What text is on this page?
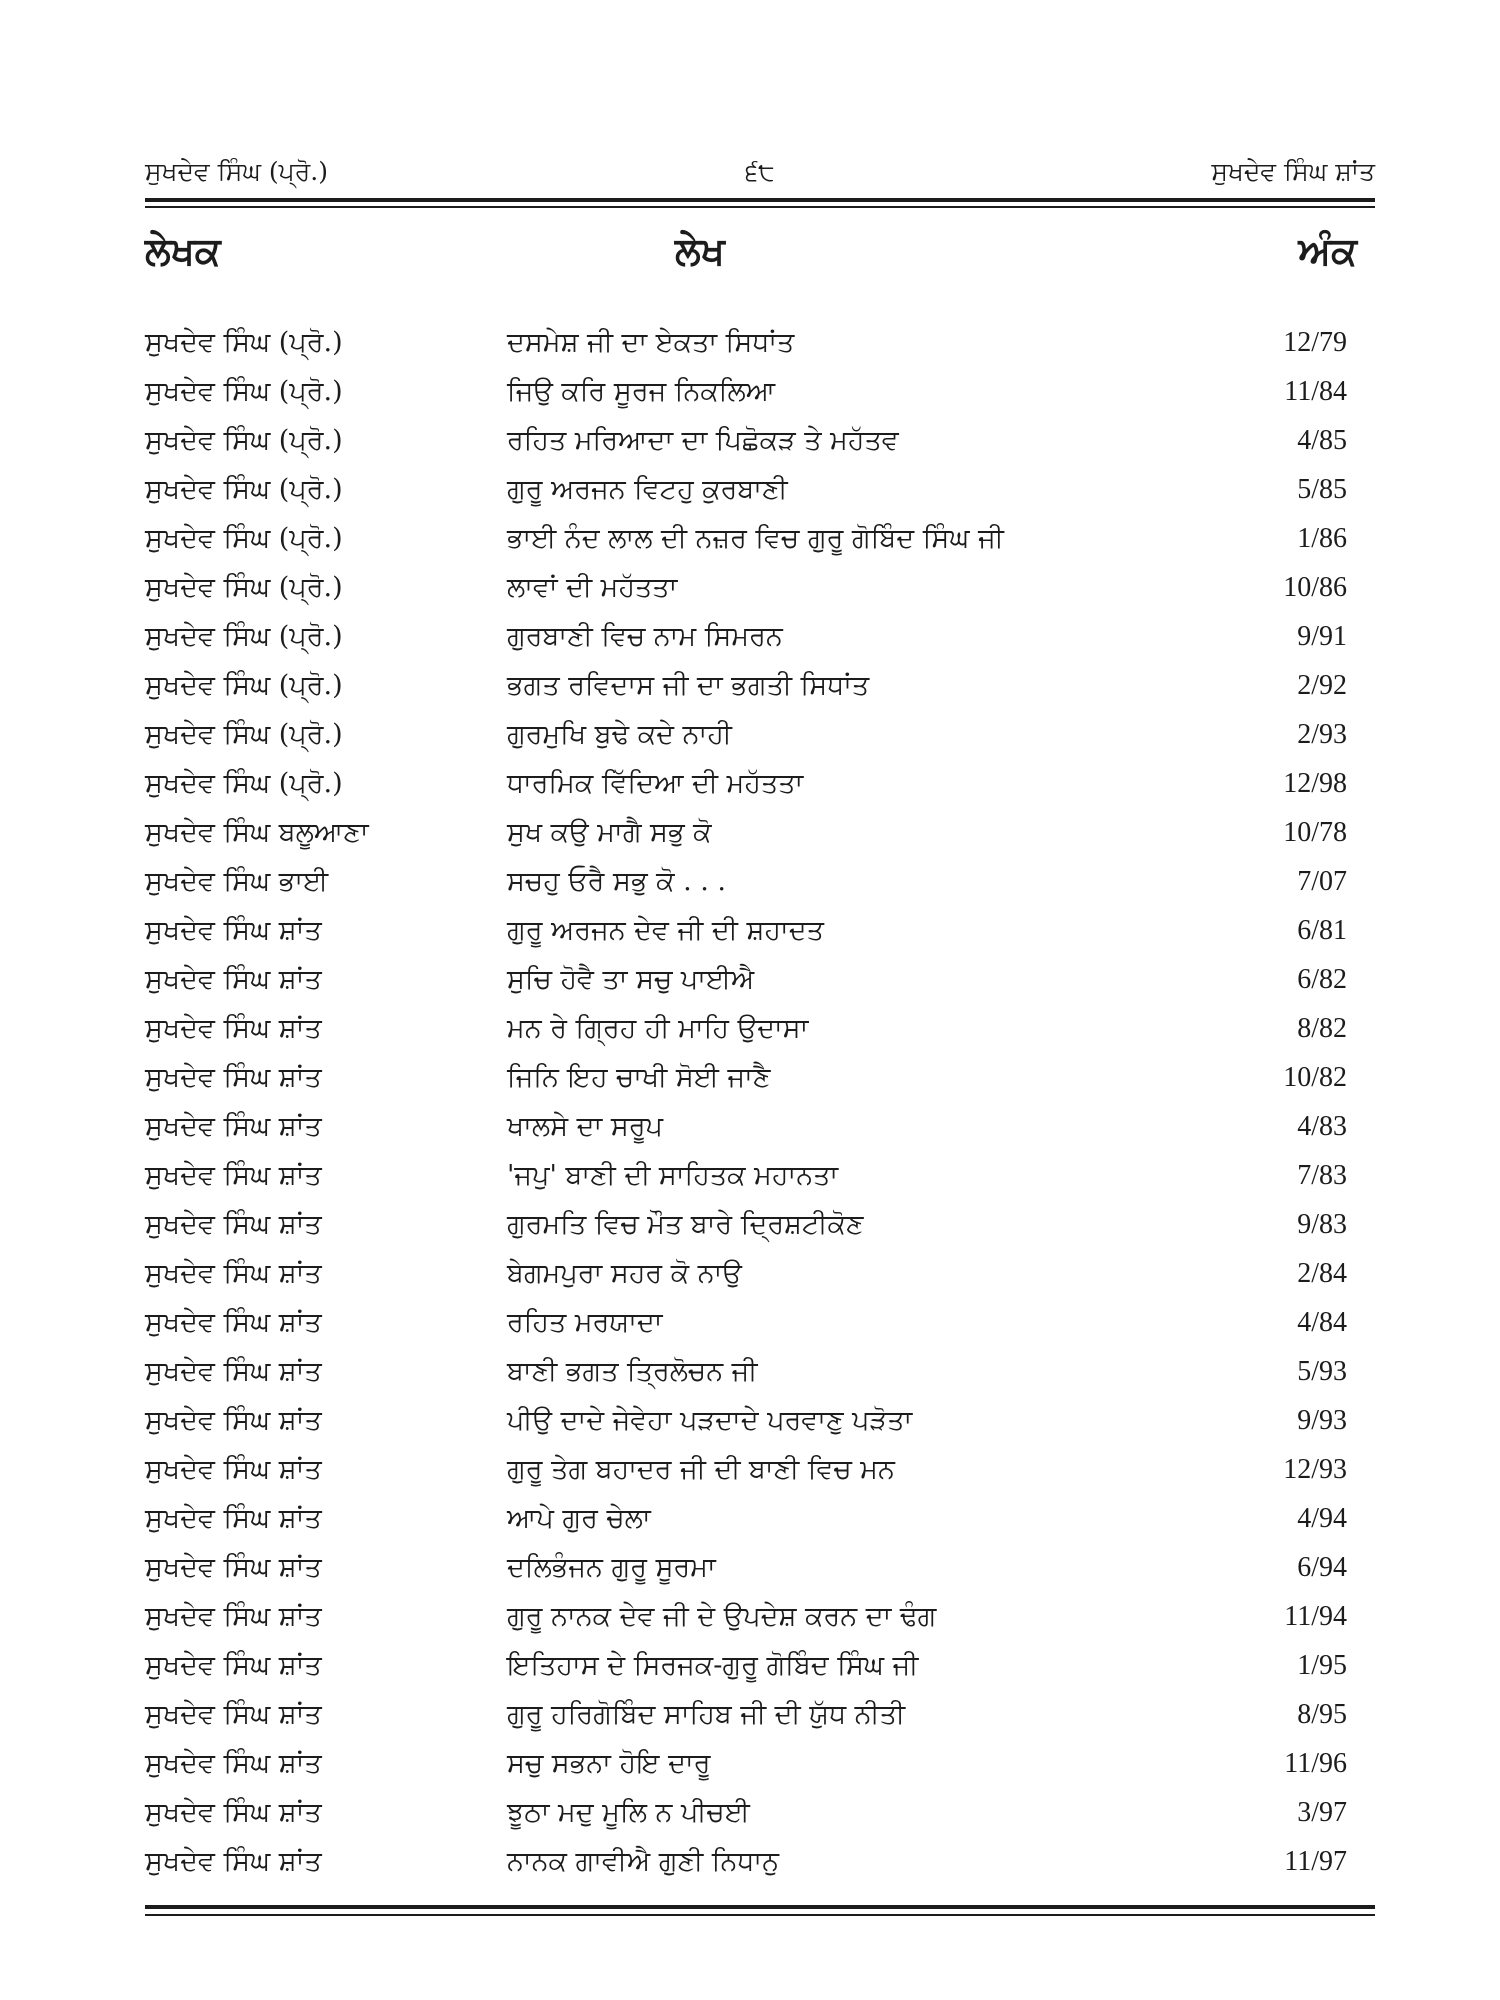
ਸੁਖਦੇਵ ਸਿੰਘ (ਪ੍ਰੋ.)	੬੮	ਸੁਖਦੇਵ ਸਿੰਘ ਸ਼ਾਂਤ
ਲੇਖਕ	ਲੇਖ	ਅੰਕ
ਸੁਖਦੇਵ ਸਿੰਘ (ਪ੍ਰੋ.)	ਦਸਮੇਸ਼ ਜੀ ਦਾ ਏਕਤਾ ਸਿਧਾਂਤ	12/79
ਸੁਖਦੇਵ ਸਿੰਘ (ਪ੍ਰੋ.)	ਜਿਉ ਕਰਿ ਸੂਰਜ ਨਿਕਲਿਆ	11/84
ਸੁਖਦੇਵ ਸਿੰਘ (ਪ੍ਰੋ.)	ਰਹਿਤ ਮਰਿਆਦਾ ਦਾ ਪਿਛੋਕੜ ਤੇ ਮਹੱਤਵ	4/85
ਸੁਖਦੇਵ ਸਿੰਘ (ਪ੍ਰੋ.)	ਗੁਰੂ ਅਰਜਨ ਵਿਟਹੁ ਕੁਰਬਾਣੀ	5/85
ਸੁਖਦੇਵ ਸਿੰਘ (ਪ੍ਰੋ.)	ਭਾਈ ਨੰਦ ਲਾਲ ਦੀ ਨਜ਼ਰ ਵਿਚ ਗੁਰੂ ਗੋਬਿੰਦ ਸਿੰਘ ਜੀ	1/86
ਸੁਖਦੇਵ ਸਿੰਘ (ਪ੍ਰੋ.)	ਲਾਵਾਂ ਦੀ ਮਹੱਤਤਾ	10/86
ਸੁਖਦੇਵ ਸਿੰਘ (ਪ੍ਰੋ.)	ਗੁਰਬਾਣੀ ਵਿਚ ਨਾਮ ਸਿਮਰਨ	9/91
ਸੁਖਦੇਵ ਸਿੰਘ (ਪ੍ਰੋ.)	ਭਗਤ ਰਵਿਦਾਸ ਜੀ ਦਾ ਭਗਤੀ ਸਿਧਾਂਤ	2/92
ਸੁਖਦੇਵ ਸਿੰਘ (ਪ੍ਰੋ.)	ਗੁਰਮੁਖਿ ਬੁਢੇ ਕਦੇ ਨਾਹੀ	2/93
ਸੁਖਦੇਵ ਸਿੰਘ (ਪ੍ਰੋ.)	ਧਾਰਮਿਕ ਵਿੱਦਿਆ ਦੀ ਮਹੱਤਤਾ	12/98
ਸੁਖਦੇਵ ਸਿੰਘ ਬਲੂਆਣਾ	ਸੁਖ ਕਉ ਮਾਗੈ ਸਭੁ ਕੋ	10/78
ਸੁਖਦੇਵ ਸਿੰਘ ਭਾਈ	ਸਚਹੁ ਓਰੈ ਸਭੁ ਕੋ . . .	7/07
ਸੁਖਦੇਵ ਸਿੰਘ ਸ਼ਾਂਤ	ਗੁਰੂ ਅਰਜਨ ਦੇਵ ਜੀ ਦੀ ਸ਼ਹਾਦਤ	6/81
ਸੁਖਦੇਵ ਸਿੰਘ ਸ਼ਾਂਤ	ਸੁਚਿ ਹੋਵੈ ਤਾ ਸਚੁ ਪਾਈਐ	6/82
ਸੁਖਦੇਵ ਸਿੰਘ ਸ਼ਾਂਤ	ਮਨ ਰੇ ਗ੍ਰਿਹ ਹੀ ਮਾਹਿ ਉਦਾਸਾ	8/82
ਸੁਖਦੇਵ ਸਿੰਘ ਸ਼ਾਂਤ	ਜਿਨਿ ਇਹ ਚਾਖੀ ਸੋਈ ਜਾਣੈ	10/82
ਸੁਖਦੇਵ ਸਿੰਘ ਸ਼ਾਂਤ	ਖਾਲਸੇ ਦਾ ਸਰੂਪ	4/83
ਸੁਖਦੇਵ ਸਿੰਘ ਸ਼ਾਂਤ	'ਜਪੁ' ਬਾਣੀ ਦੀ ਸਾਹਿਤਕ ਮਹਾਨਤਾ	7/83
ਸੁਖਦੇਵ ਸਿੰਘ ਸ਼ਾਂਤ	ਗੁਰਮਤਿ ਵਿਚ ਮੌਤ ਬਾਰੇ ਦ੍ਰਿਸ਼ਟੀਕੋਣ	9/83
ਸੁਖਦੇਵ ਸਿੰਘ ਸ਼ਾਂਤ	ਬੇਗਮਪੁਰਾ ਸਹਰ ਕੋ ਨਾਉ	2/84
ਸੁਖਦੇਵ ਸਿੰਘ ਸ਼ਾਂਤ	ਰਹਿਤ ਮਰਯਾਦਾ	4/84
ਸੁਖਦੇਵ ਸਿੰਘ ਸ਼ਾਂਤ	ਬਾਣੀ ਭਗਤ ਤ੍ਰਿਲੋਚਨ ਜੀ	5/93
ਸੁਖਦੇਵ ਸਿੰਘ ਸ਼ਾਂਤ	ਪੀਉ ਦਾਦੇ ਜੇਵੇਹਾ ਪੜਦਾਦੇ ਪਰਵਾਣੁ ਪੜੋਤਾ	9/93
ਸੁਖਦੇਵ ਸਿੰਘ ਸ਼ਾਂਤ	ਗੁਰੂ ਤੇਗ ਬਹਾਦਰ ਜੀ ਦੀ ਬਾਣੀ ਵਿਚ ਮਨ	12/93
ਸੁਖਦੇਵ ਸਿੰਘ ਸ਼ਾਂਤ	ਆਪੇ ਗੁਰ ਚੇਲਾ	4/94
ਸੁਖਦੇਵ ਸਿੰਘ ਸ਼ਾਂਤ	ਦਲਿਭੰਜਨ ਗੁਰੂ ਸੂਰਮਾ	6/94
ਸੁਖਦੇਵ ਸਿੰਘ ਸ਼ਾਂਤ	ਗੁਰੂ ਨਾਨਕ ਦੇਵ ਜੀ ਦੇ ਉਪਦੇਸ਼ ਕਰਨ ਦਾ ਢੰਗ	11/94
ਸੁਖਦੇਵ ਸਿੰਘ ਸ਼ਾਂਤ	ਇਤਿਹਾਸ ਦੇ ਸਿਰਜਕ-ਗੁਰੂ ਗੋਬਿੰਦ ਸਿੰਘ ਜੀ	1/95
ਸੁਖਦੇਵ ਸਿੰਘ ਸ਼ਾਂਤ	ਗੁਰੂ ਹਰਿਗੋਬਿੰਦ ਸਾਹਿਬ ਜੀ ਦੀ ਯੁੱਧ ਨੀਤੀ	8/95
ਸੁਖਦੇਵ ਸਿੰਘ ਸ਼ਾਂਤ	ਸਚੁ ਸਭਨਾ ਹੋਇ ਦਾਰੂ	11/96
ਸੁਖਦੇਵ ਸਿੰਘ ਸ਼ਾਂਤ	ਝੂਠਾ ਮਦੁ ਮੂਲਿ ਨ ਪੀਚਈ	3/97
ਸੁਖਦੇਵ ਸਿੰਘ ਸ਼ਾਂਤ	ਨਾਨਕ ਗਾਵੀਐ ਗੁਣੀ ਨਿਧਾਨੁ	11/97
